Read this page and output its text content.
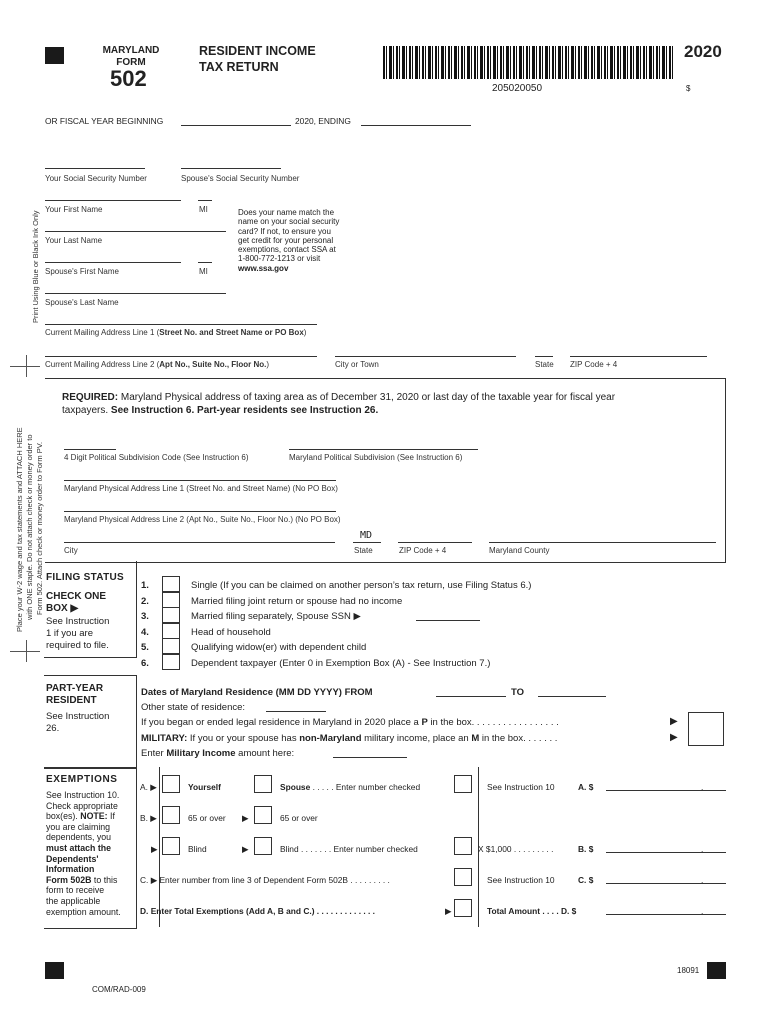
MARYLAND
FORM
502
RESIDENT INCOME
TAX RETURN
205020050
2020
$
OR FISCAL YEAR BEGINNING	2020, ENDING
Print Using Blue or Black Ink Only
Place your W-2 wage and tax statements and ATTACH HERE with ONE staple. Do not attach check or money order to Form 502. Attach check or money order to Form PV.
Your Social Security Number	Spouse's Social Security Number
Your First Name	MI
Your Last Name
Spouse's First Name	MI
Spouse's Last Name
Does your name match the
name on your social security
card? If not, to ensure you
get credit for your personal
exemptions, contact SSA at
1-800-772-1213 or visit
www.ssa.gov
Current Mailing Address Line 1 (Street No. and Street Name or PO Box)
Current Mailing Address Line 2 (Apt No., Suite No., Floor No.)	City or Town	State ZIP Code + 4
REQUIRED: Maryland Physical address of taxing area as of December 31, 2020 or last day of the taxable year for fiscal year
taxpayers. See Instruction 6. Part-year residents see Instruction 26.
4 Digit Political Subdivision Code (See Instruction 6)	Maryland Political Subdivision (See Instruction 6)
Maryland Physical Address Line 1 (Street No. and Street Name) (No PO Box)
Maryland Physical Address Line 2 (Apt No., Suite No., Floor No.) (No PO Box)
MD
City	State	ZIP Code + 4	Maryland County
FILING STATUS
CHECK ONE
BOX ▶
See Instruction
1 if you are
required to file.
1.	Single (If you can be claimed on another person’s tax return, use Filing Status 6.)
2.	Married filing joint return or spouse had no income
3.	Married filing separately, Spouse SSN ▶
4.	Head of household
5.	Qualifying widow(er) with dependent child
6.	Dependent taxpayer (Enter 0 in Exemption Box (A) - See Instruction 7.)
PART-YEAR
RESIDENT
See Instruction
26.
Dates of Maryland Residence (MM DD YYYY) FROM	TO
Other state of residence:
If you began or ended legal residence in Maryland in 2020 place a P in the box. . . . . . . . . . . . . . . . .	▶
MILITARY: If you or your spouse has non-Maryland military income, place an M in the box. . . . . . .	▶
Enter Military Income amount here:
EXEMPTIONS
See Instruction 10.
Check appropriate
box(es). NOTE: If
you are claiming
dependents, you
must attach the
Dependents'
Information
Form 502B to this
form to receive
the applicable
exemption amount.
A. ▶	Yourself	Spouse . . . . . Enter number checked	See Instruction 10	A. $	.
B. ▶	65 or over ▶	65 or over
▶	Blind	▶	Blind . . . . . . . Enter number checked	X $1,000 . . . . . . . . .	B. $	.
C. ▶ Enter number from line 3 of Dependent Form 502B . . . . . . . . .	See Instruction 10	C. $	.
D. Enter Total Exemptions (Add A, B and C.) . . . . . . . . . . . . .	▶	Total Amount . . . . D. $	.
18091
COM/RAD-009
